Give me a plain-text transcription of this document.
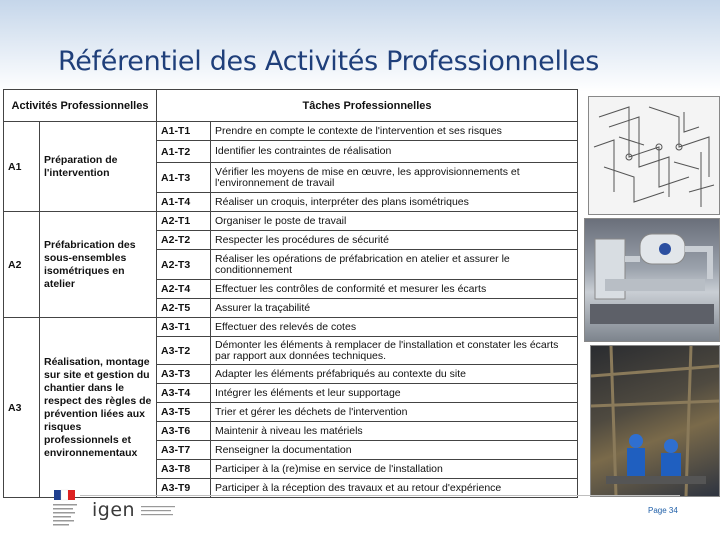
Référentiel des Activités Professionnelles
Activités Professionnelles		Tâches Professionnelles	
A1	Préparation de l'intervention	A1-T1	Prendre en compte le contexte de l'intervention et ses risques
		A1-T2	Identifier les contraintes de réalisation
		A1-T3	Vérifier les moyens de mise en œuvre, les approvisionnements et l'environnement de travail
		A1-T4	Réaliser un croquis, interpréter des plans isométriques
A2	Préfabrication des sous-ensembles isométriques en atelier	A2-T1	Organiser le poste de travail
		A2-T2	Respecter les procédures de sécurité
		A2-T3	Réaliser les opérations de préfabrication en atelier et assurer le conditionnement
		A2-T4	Effectuer les contrôles de conformité et mesurer les écarts
		A2-T5	Assurer la traçabilité
A3	Réalisation, montage sur site et gestion du chantier dans le respect des règles de prévention liées aux risques professionnels et environnementaux	A3-T1	Effectuer des relevés de cotes
		A3-T2	Démonter les éléments à remplacer de l'installation et constater les écarts par rapport aux données techniques.
		A3-T3	Adapter les éléments préfabriqués au contexte du site
		A3-T4	Intégrer les éléments et leur supportage
		A3-T5	Trier et gérer les déchets de l'intervention
		A3-T6	Maintenir à niveau les matériels
		A3-T7	Renseigner la documentation
		A3-T8	Participer à la (re)mise en service de l'installation
		A3-T9	Participer à la réception des travaux et au retour d'expérience
igen	Page 34
